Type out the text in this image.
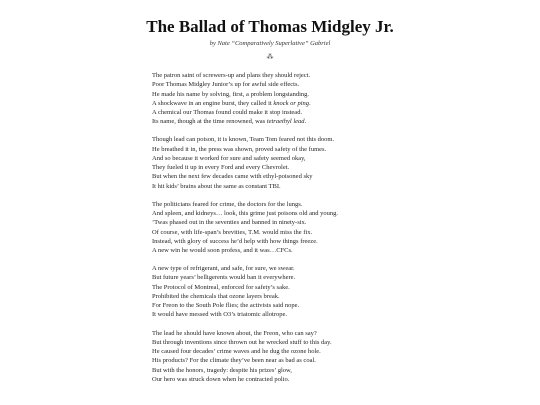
The Ballad of Thomas Midgley Jr.
by Nate “Comparatively Superlative” Gabriel
⁂
The patron saint of screwers-up and plans they should reject.
Poor Thomas Midgley Junior’s up for awful side effects.
He made his name by solving, first, a problem longstanding.
A shockwave in an engine burst, they called it knock or ping.
A chemical our Thomas found could make it stop instead.
Its name, though at the time renowned, was tetraethyl lead.
Though lead can poison, it is known, Team Tom feared not this doom.
He breathed it in, the press was shown, proved safety of the fumes.
And so because it worked for sure and safety seemed okay,
They fueled it up in every Ford and every Chevrolet.
But when the next few decades came with ethyl-poisoned sky
It hit kids’ brains about the same as constant TBI.
The politicians feared for crime, the doctors for the lungs.
And spleen, and kidneys… look, this grime just poisons old and young.
’Twas phased out in the seventies and banned in ninety-six.
Of course, with life-span’s brevities, T.M. would miss the fix.
Instead, with glory of success he’d help with how things freeze.
A new win he would soon profess, and it was…CFCs.
A new type of refrigerant, and safe, for sure, we swear.
But future years’ belligerents would ban it everywhere.
The Protocol of Montreal, enforced for safety’s sake.
Prohibited the chemicals that ozone layers break.
For Freon to the South Pole flies; the activists said nope.
It would have messed with O3’s triatomic allotrope.
The lead he should have known about, the Freon, who can say?
But through inventions since thrown out he wrecked stuff to this day.
He caused four decades’ crime waves and he dug the ozone hole.
His products? For the climate they’ve been near as bad as coal.
But with the honors, tragedy: despite his prizes’ glow,
Our hero was struck down when he contracted polio.
